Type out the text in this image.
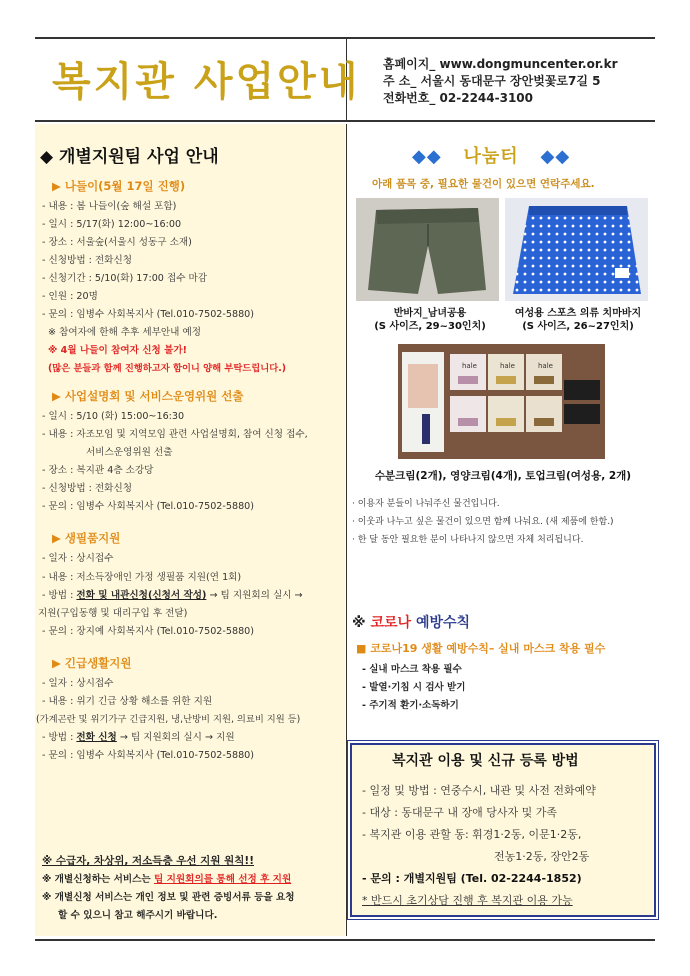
복지관 사업안내 홈페이지_ www.dongmuncenter.or.kr
주 소_ 서울시 동대문구 장안벚꽃로7길 5
전화번호_ 02-2244-3100
◆ 개별지원팀 사업 안내
▶ 나들이(5월 17일 진행)
- 내용 : 봄 나들이(숲 해설 포함)
- 일시 : 5/17(화) 12:00~16:00
- 장소 : 서울숲(서울시 성동구 소재)
- 신청방법 : 전화신청
- 신청기간 : 5/10(화) 17:00 접수 마감
- 인원 : 20명
- 문의 : 임병수 사회복지사 (Tel.010-7502-5880)
※ 참여자에 한해 추후 세부안내 예정
※ 4월 나들이 참여자 신청 불가!
(많은 분들과 함께 진행하고자 함이니 양해 부탁드립니다.)
▶ 사업설명회 및 서비스운영위원 선출
- 일시 : 5/10 (화) 15:00~16:30
- 내용 : 자조모임 및 지역모임 관련 사업설명회, 참여 신청 접수,
서비스운영위원 선출
- 장소 : 복지관 4층 소강당
- 신청방법 : 전화신청
- 문의 : 임병수 사회복지사 (Tel.010-7502-5880)
▶ 생필품지원
- 일자 : 상시접수
- 내용 : 저소득장애인 가정 생필품 지원(연 1회)
- 방법 : 전화 및 내관신청(신청서 작성) → 팀 지원회의 실시 →
지원(구입동행 및 대리구입 후 전달)
- 문의 : 장지예 사회복지사 (Tel.010-7502-5880)
▶ 긴급생활지원
- 일자 : 상시접수
- 내용 : 위기 긴급 상황 해소를 위한 지원
(가계곤란 및 위기가구 긴급지원, 냉,난방비 지원, 의료비 지원 등)
- 방법 : 전화 신청 → 팀 지원회의 실시 → 지원
- 문의 : 임병수 사회복지사 (Tel.010-7502-5880)
※ 수급자, 차상위, 저소득층 우선 지원 원칙!!
※ 개별신청하는 서비스는 팀 지원회의를 통해 선정 후 지원
※ 개별신청 서비스는 개인 정보 및 관련 증빙서류 등을 요청
할 수 있으니 참고 해주시기 바랍니다.
◆◆ 나눔터 ◆◆
아래 품목 중, 필요한 물건이 있으면 연락주세요.
반바지_남녀공용
(S 사이즈, 29~30인치)
여성용 스포츠 의류 치마바지
(S 사이즈, 26~27인치)
hale	hale	hale
수분크림(2개), 영양크림(4개), 토업크림(여성용, 2개)
· 이용자 분들이 나눠주신 물건입니다.
· 이웃과 나누고 싶은 물건이 있으면 함께 나눠요. (새 제품에 한함.)
· 한 달 동안 필요한 분이 나타나지 않으면 자체 처리됩니다.
※ 코로나 예방수칙
■ 코로나19 생활 예방수칙– 실내 마스크 착용 필수
- 실내 마스크 착용 필수
- 발열·기침 시 검사 받기
- 주기적 환기·소독하기
복지관 이용 및 신규 등록 방법
- 일정 및 방법 : 연중수시, 내관 및 사전 전화예약
- 대상 : 동대문구 내 장애 당사자 및 가족
- 복지관 이용 관할 동: 휘경1·2동, 이문1·2동,
전농1·2동, 장안2동
- 문의 : 개별지원팀 (Tel. 02-2244-1852)
* 반드시 초기상담 진행 후 복지관 이용 가능
